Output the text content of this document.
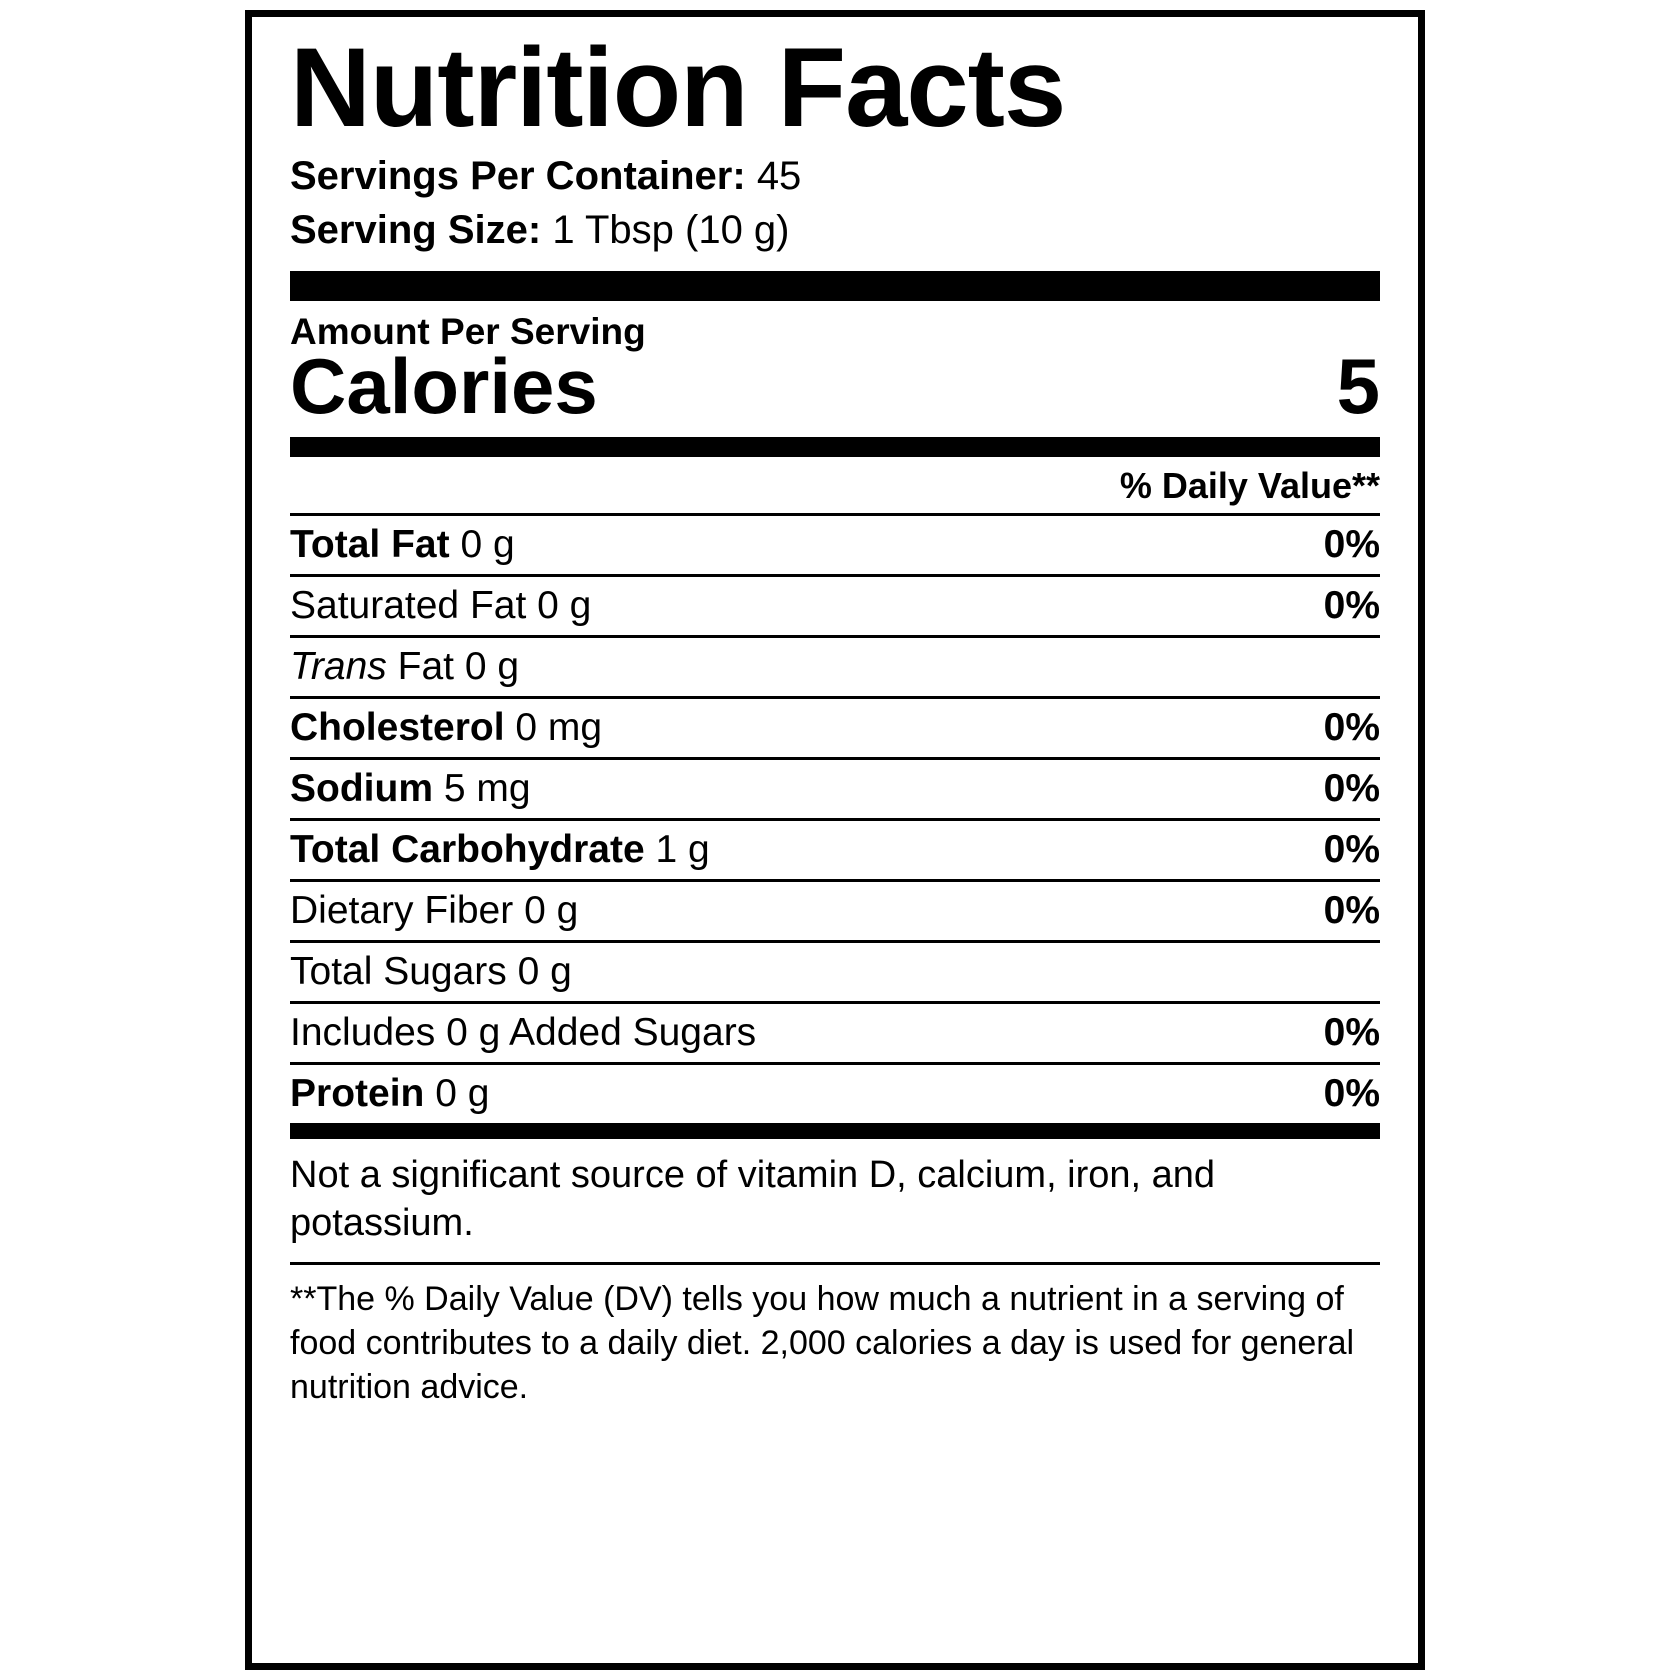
Nutrition Facts
Servings Per Container: 45
Serving Size: 1 Tbsp (10 g)
Amount Per Serving
Calories	5
% Daily Value**
Total Fat 0 g	0%
Saturated Fat 0 g	0%
Trans Fat 0 g	
Cholesterol 0 mg	0%
Sodium 5 mg	0%
Total Carbohydrate 1 g	0%
Dietary Fiber 0 g	0%
Total Sugars 0 g	
Includes 0 g Added Sugars	0%
Protein 0 g	0%
Not a significant source of vitamin D, calcium, iron, and potassium.
**The % Daily Value (DV) tells you how much a nutrient in a serving of food contributes to a daily diet. 2,000 calories a day is used for general nutrition advice.
